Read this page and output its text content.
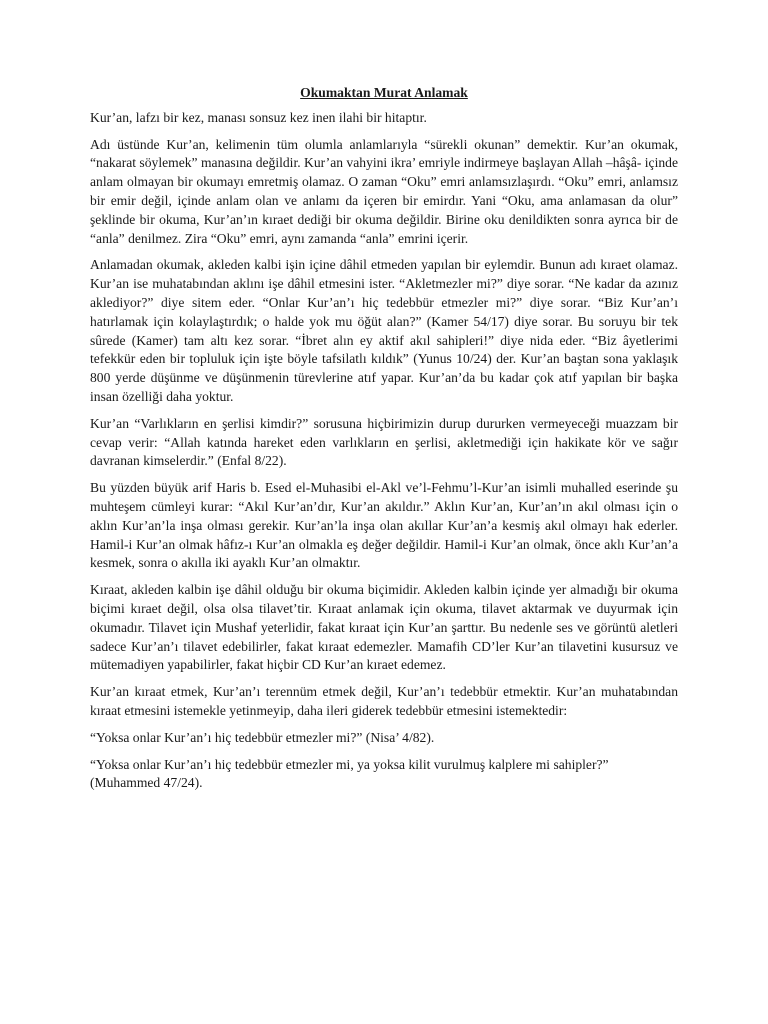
Okumaktan Murat Anlamak

Kur’an, lafzı bir kez, manası sonsuz kez inen ilahi bir hitaptır.

Adı üstünde Kur’an, kelimenin tüm olumla anlamlarıyla “sürekli okunan” demektir. Kur’an okumak, “nakarat söylemek” manasına değildir. Kur’an vahyini ikra’ emriyle indirmeye başlayan Allah –hâşâ- içinde anlam olmayan bir okumayı emretmiş olamaz. O zaman “Oku” emri anlamsızlaşırdı. “Oku” emri, anlamsız bir emir değil, içinde anlam olan ve anlamı da içeren bir emirdır. Yani “Oku, ama anlamasan da olur” şeklinde bir okuma, Kur’an’ın kıraet dediği bir okuma değildir. Birine oku denildikten sonra ayrıca bir de “anla” denilmez. Zira “Oku” emri, aynı zamanda “anla” emrini içerir.

Anlamadan okumak, akleden kalbi işin içine dâhil etmeden yapılan bir eylemdir. Bunun adı kıraet olamaz. Kur’an ise muhatabından aklını işe dâhil etmesini ister. “Akletmezler mi?” diye sorar. “Ne kadar da azınız aklediyor?” diye sitem eder. “Onlar Kur’an’ı hiç tedebbür etmezler mi?” diye sorar. “Biz Kur’an’ı hatırlamak için kolaylaştırdık; o halde yok mu öğüt alan?” (Kamer 54/17) diye sorar. Bu soruyu bir tek sûrede (Kamer) tam altı kez sorar. “İbret alın ey aktif akıl sahipleri!” diye nida eder. “Biz âyetlerimi tefekkür eden bir topluluk için işte böyle tafsilatlı kıldık” (Yunus 10/24) der. Kur’an baştan sona yaklaşık 800 yerde düşünme ve düşünmenin türevlerine atıf yapar. Kur’an’da bu kadar çok atıf yapılan bir başka insan özelliği daha yoktur.

Kur’an “Varlıkların en şerlisi kimdir?” sorusuna hiçbirimizin durup dururken vermeyeceği muazzam bir cevap verir: “Allah katında hareket eden varlıkların en şerlisi, akletmediği için hakikate kör ve sağır davranan kimselerdir.” (Enfal 8/22).

Bu yüzden büyük arif Haris b. Esed el-Muhasibi el-Akl ve’l-Fehmu’l-Kur’an isimli muhalled eserinde şu muhteşem cümleyi kurar: “Akıl Kur’an’dır, Kur’an akıldır.” Aklın Kur’an, Kur’an’ın akıl olması için o aklın Kur’an’la inşa olması gerekir. Kur’an’la inşa olan akıllar Kur’an’a kesmiş akıl olmayı hak ederler. Hamil-i Kur’an olmak hâfız-ı Kur’an olmakla eş değer değildir. Hamil-i Kur’an olmak, önce aklı Kur’an’a kesmek, sonra o akılla iki ayaklı Kur’an olmaktır.

Kıraat, akleden kalbin işe dâhil olduğu bir okuma biçimidir. Akleden kalbin içinde yer almadığı bir okuma biçimi kıraet değil, olsa olsa tilavet’tir. Kıraat anlamak için okuma, tilavet aktarmak ve duyurmak için okumadır. Tilavet için Mushaf yeterlidir, fakat kıraat için Kur’an şarttır. Bu nedenle ses ve görüntü aletleri sadece Kur’an’ı tilavet edebilirler, fakat kıraat edemezler. Mamafih CD’ler Kur’an tilavetini kusursuz ve mütemadiyen yapabilirler, fakat hiçbir CD Kur’an kıraet edemez.

Kur’an kıraat etmek, Kur’an’ı terennüm etmek değil, Kur’an’ı tedebbür etmektir. Kur’an muhatabından kıraat etmesini istemekle yetinmeyip, daha ileri giderek tedebbür etmesini istemektedir:

“Yoksa onlar Kur’an’ı hiç tedebbür etmezler mi?” (Nisa’ 4/82).

“Yoksa onlar Kur’an’ı hiç tedebbür etmezler mi, ya yoksa kilit vurulmuş kalplere mi sahipler?” (Muhammed 47/24).
